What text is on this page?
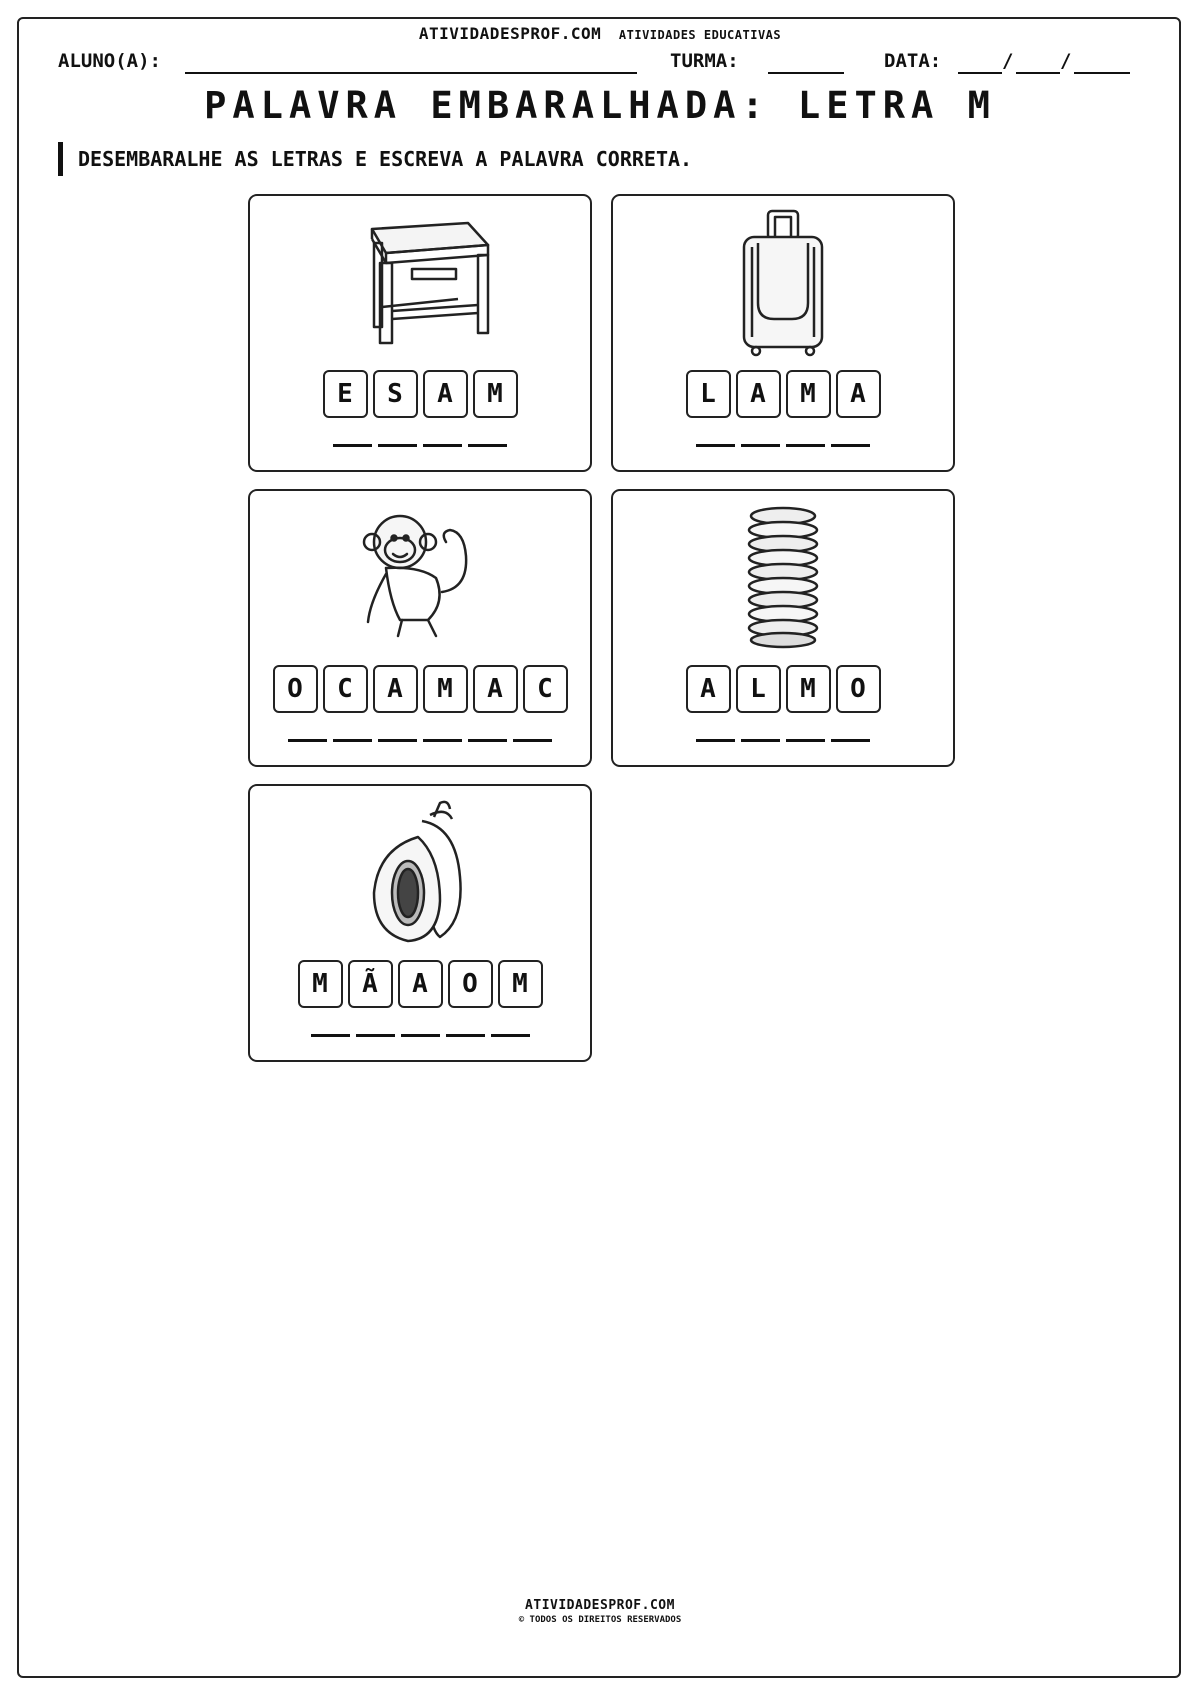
ATIVIDADESPROF.COM ATIVIDADES EDUCATIVAS
ALUNO(A):	TURMA:	DATA:	/ /
PALAVRA EMBARALHADA: LETRA M
DESEMBARALHE AS LETRAS E ESCREVA A PALAVRA CORRETA.
E	S	A	M	L	A	M	A
O	C	A	M	A	C	A	L	M	O
M	Ã	A	O	M
ATIVIDADESPROF.COM
© TODOS OS DIREITOS RESERVADOS
